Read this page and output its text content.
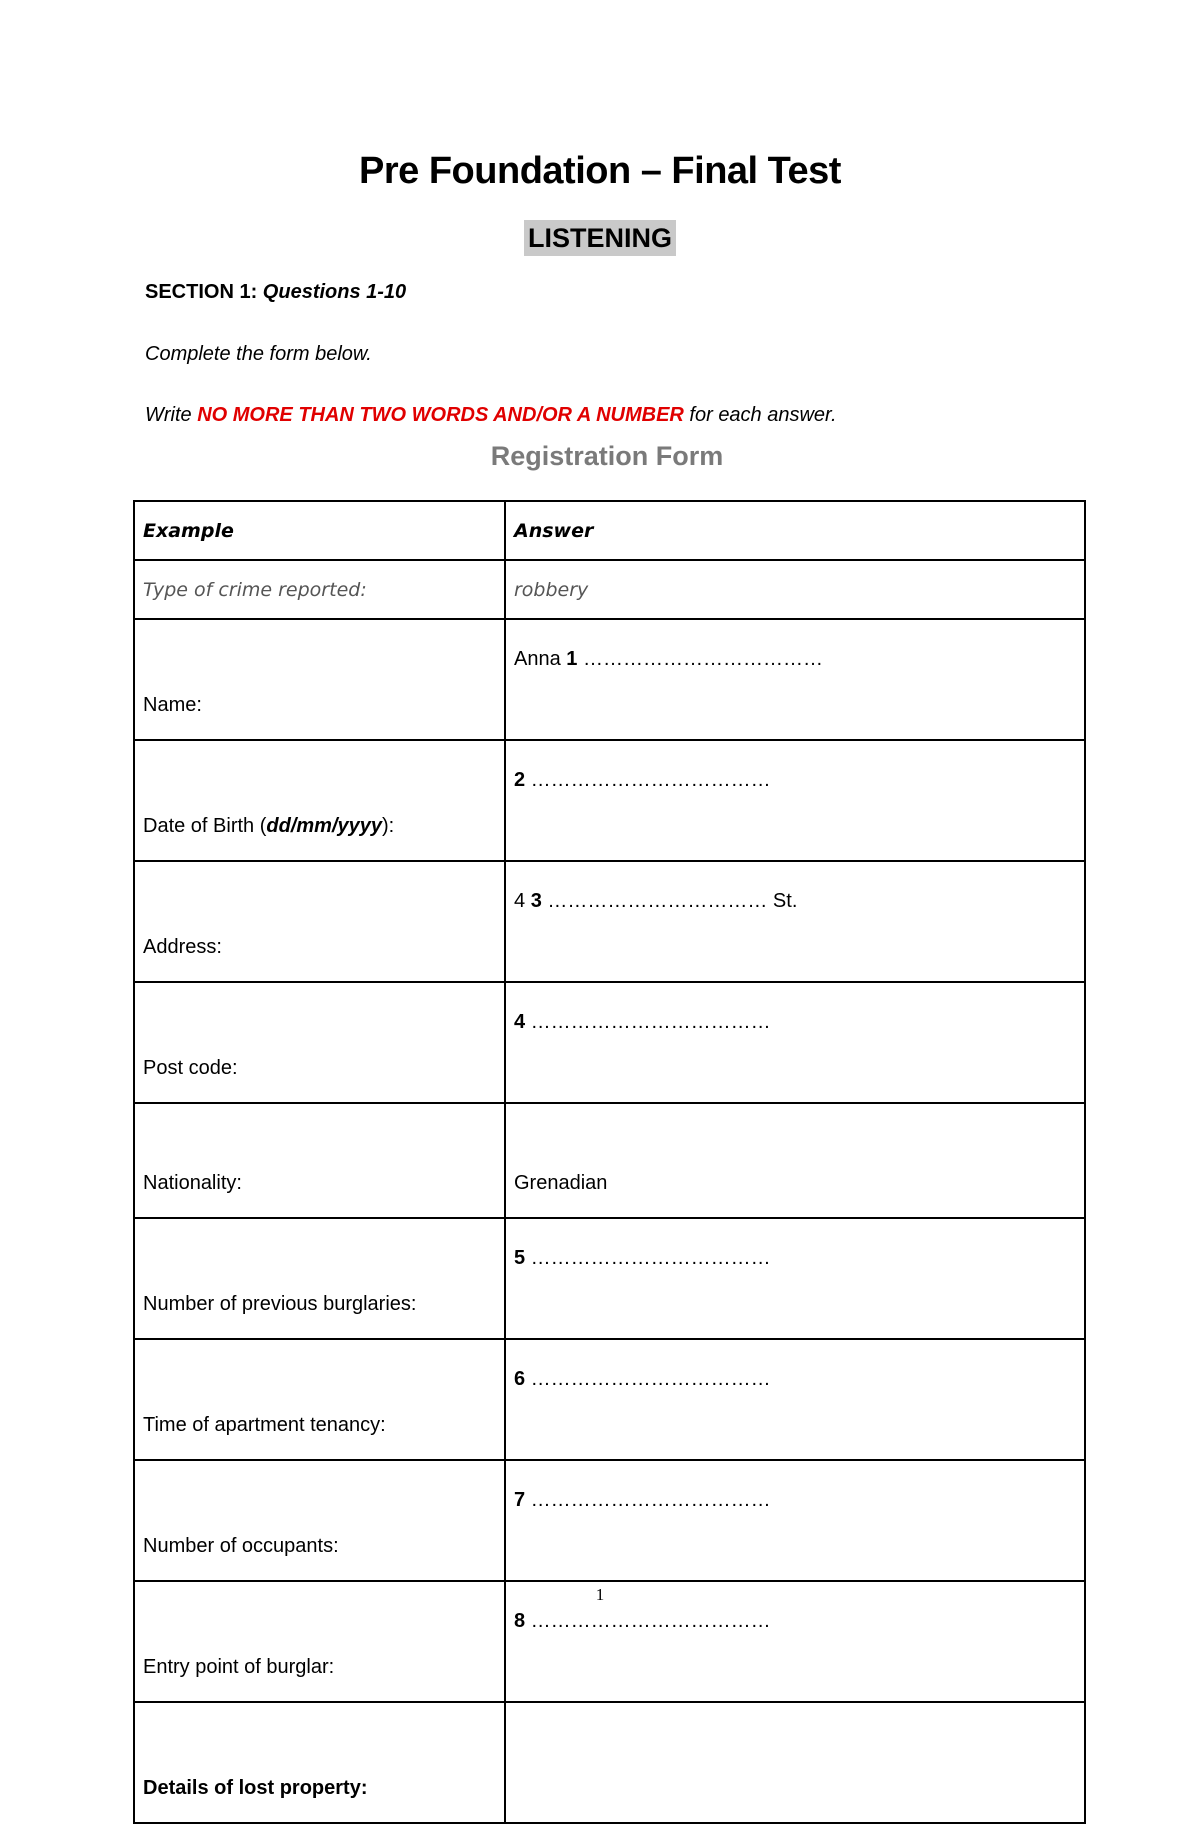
Pre Foundation – Final Test
LISTENING
SECTION 1: Questions 1-10
Complete the form below.
Write NO MORE THAN TWO WORDS AND/OR A NUMBER for each answer.
Registration Form
Example	Answer
Type of crime reported:	robbery
Name:	Anna 1 ………………………………
Date of Birth (dd/mm/yyyy):	2 ………………………………
Address:	4 3 …………………………… St.
Post code:	4 ………………………………
Nationality:	Grenadian
Number of previous burglaries:	5 ………………………………
Time of apartment tenancy:	6 ………………………………
Number of occupants:	7 ………………………………
Entry point of burglar:	8 ………………………………
Details of lost property:	
1
